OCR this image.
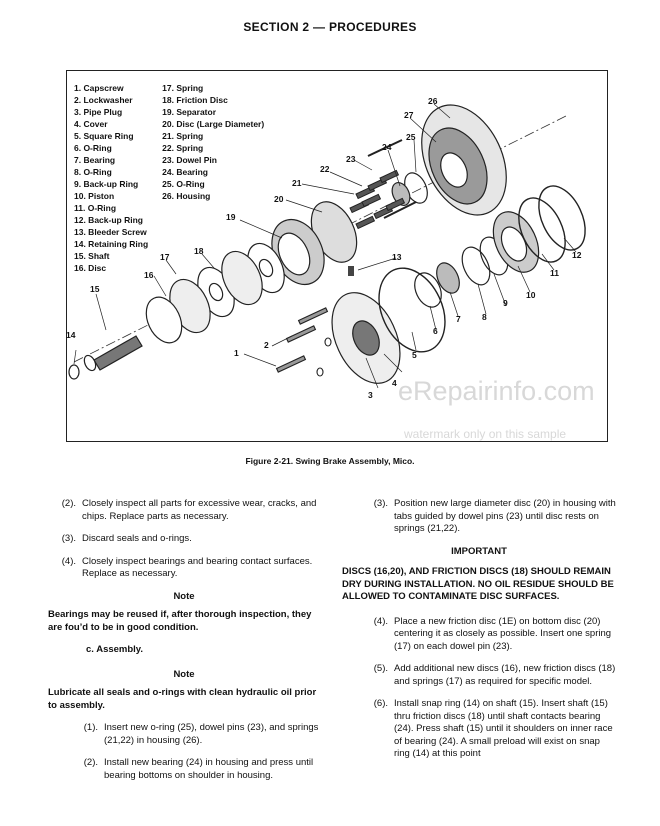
SECTION 2 — PROCEDURES
1
2
3
4
5
6
7	8
9
10
11
12
13
14
15
16
17
18
19
20
21
22
23
24
25
27
26
1. Capscrew
2. Lockwasher
3. Pipe Plug
4. Cover
5. Square Ring
6. O-Ring
7. Bearing
8. O-Ring
9. Back-up Ring
10. Piston
11. O-Ring
12. Back-up Ring
13. Bleeder Screw
14. Retaining Ring
15. Shaft
16. Disc
17. Spring
18. Friction Disc
19. Separator
20. Disc (Large Diameter)
21. Spring
22. Spring
23. Dowel Pin
24. Bearing
25. O-Ring
26. Housing
eRepairinfo.com
watermark only on this sample
Figure 2-21. Swing Brake Assembly, Mico.
(2). Closely inspect all parts for excessive wear, cracks, and chips. Replace parts as necessary.
(3). Discard seals and o-rings.
(4). Closely inspect bearings and bearing contact surfaces. Replace as necessary.
Note
Bearings may be reused if, after thorough inspection, they are fou’d to be in good condition.
c. Assembly.
Note
Lubricate all seals and o-rings with clean hydraulic oil prior to assembly.
(1). Insert new o-ring (25), dowel pins (23), and springs (21,22) in housing (26).
(2). Install new bearing (24) in housing and press until bearing bottoms on shoulder in housing.
(3). Position new large diameter disc (20) in housing with tabs guided by dowel pins (23) until disc rests on springs (21,22).
IMPORTANT
DISCS (16,20), AND FRICTION DISCS (18) SHOULD REMAIN DRY DURING INSTALLATION. NO OIL RESIDUE SHOULD BE ALLOWED TO CONTAMINATE DISC SURFACES.
(4). Place a new friction disc (1E) on bottom disc (20) centering it as closely as possible. Insert one spring (17) on each dowel pin (23).
(5). Add additional new discs (16), new friction discs (18) and springs (17) as required for specific model.
(6). Install snap ring (14) on shaft (15). Insert shaft (15) thru friction discs (18) until shaft contacts bearing (24). Press shaft (15) until it shoulders on inner race of bearing (24). A small preload will exist on snap ring (14) at this point
